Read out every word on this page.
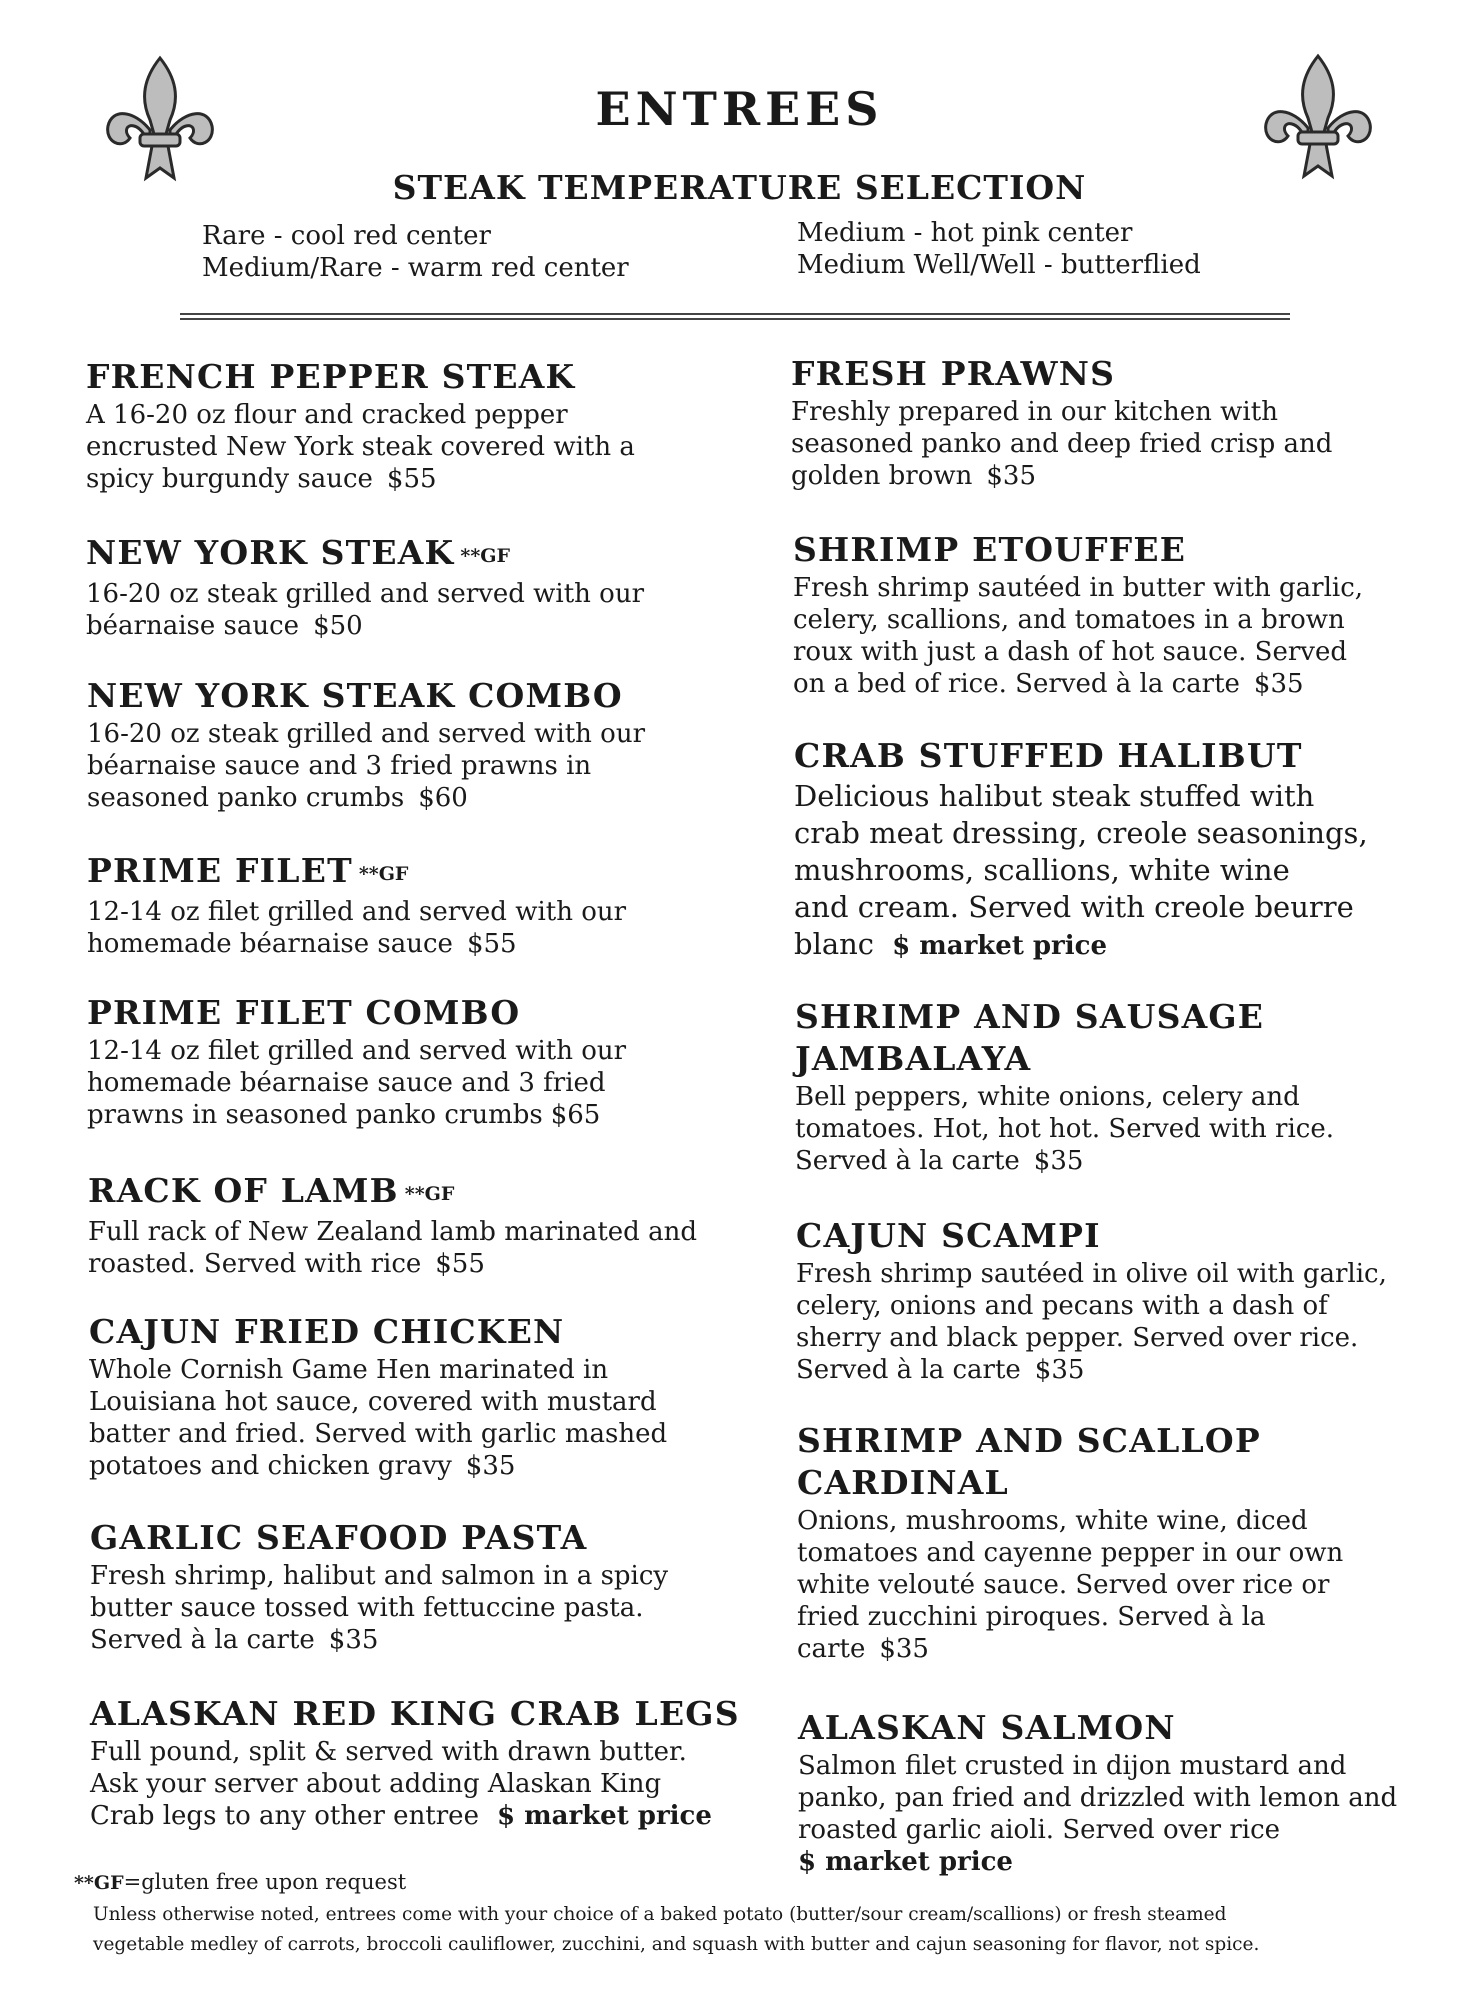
ENTREES
STEAK TEMPERATURE SELECTION
Rare - cool red center
Medium/Rare - warm red center
Medium - hot pink center
Medium Well/Well - butterflied
FRENCH PEPPER STEAK
A 16-20 oz flour and cracked pepper
encrusted New York steak covered with a
spicy burgundy sauce $55
NEW YORK STEAK **GF
16-20 oz steak grilled and served with our
béarnaise sauce $50
NEW YORK STEAK COMBO
16-20 oz steak grilled and served with our
béarnaise sauce and 3 fried prawns in
seasoned panko crumbs $60
PRIME FILET **GF
12-14 oz filet grilled and served with our
homemade béarnaise sauce $55
PRIME FILET COMBO
12-14 oz filet grilled and served with our
homemade béarnaise sauce and 3 fried
prawns in seasoned panko crumbs $65
RACK OF LAMB **GF
Full rack of New Zealand lamb marinated and
roasted. Served with rice $55
CAJUN FRIED CHICKEN
Whole Cornish Game Hen marinated in
Louisiana hot sauce, covered with mustard
batter and fried. Served with garlic mashed
potatoes and chicken gravy $35
GARLIC SEAFOOD PASTA
Fresh shrimp, halibut and salmon in a spicy
butter sauce tossed with fettuccine pasta.
Served à la carte $35
ALASKAN RED KING CRAB LEGS
Full pound, split & served with drawn butter.
Ask your server about adding Alaskan King
Crab legs to any other entree $ market price
FRESH PRAWNS
Freshly prepared in our kitchen with
seasoned panko and deep fried crisp and
golden brown $35
SHRIMP ETOUFFEE
Fresh shrimp sautéed in butter with garlic,
celery, scallions, and tomatoes in a brown
roux with just a dash of hot sauce. Served
on a bed of rice. Served à la carte $35
CRAB STUFFED HALIBUT
Delicious halibut steak stuffed with
crab meat dressing, creole seasonings,
mushrooms, scallions, white wine
and cream. Served with creole beurre
blanc $ market price
SHRIMP AND SAUSAGE
JAMBALAYA
Bell peppers, white onions, celery and
tomatoes. Hot, hot hot. Served with rice.
Served à la carte $35
CAJUN SCAMPI
Fresh shrimp sautéed in olive oil with garlic,
celery, onions and pecans with a dash of
sherry and black pepper. Served over rice.
Served à la carte $35
SHRIMP AND SCALLOP
CARDINAL
Onions, mushrooms, white wine, diced
tomatoes and cayenne pepper in our own
white velouté sauce. Served over rice or
fried zucchini piroques. Served à la
carte $35
ALASKAN SALMON
Salmon filet crusted in dijon mustard and
panko, pan fried and drizzled with lemon and
roasted garlic aioli. Served over rice
$ market price
**GF=gluten free upon request
Unless otherwise noted, entrees come with your choice of a baked potato (butter/sour cream/scallions) or fresh steamed
vegetable medley of carrots, broccoli cauliflower, zucchini, and squash with butter and cajun seasoning for flavor, not spice.
